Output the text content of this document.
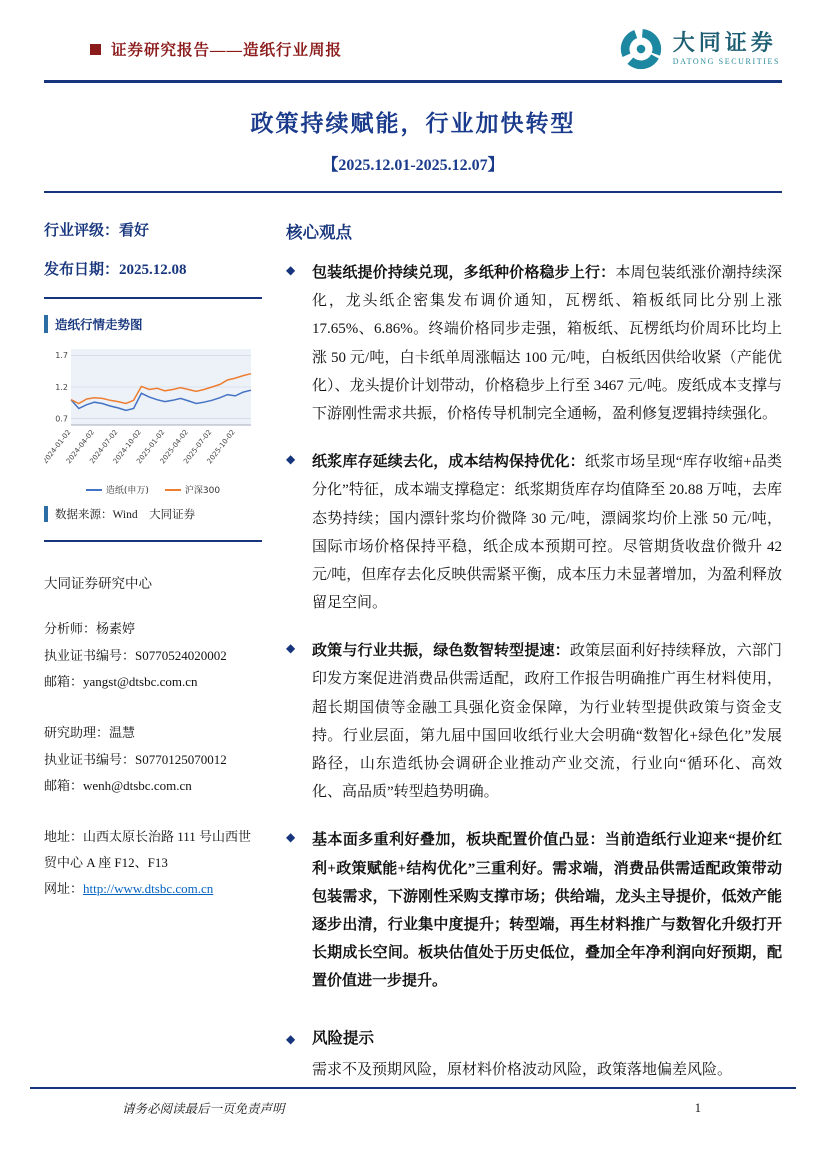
证券研究报告——造纸行业周报	大同证券
DATONG SECURITIES
政策持续赋能，行业加快转型
【2025.12.01-2025.12.07】
行业评级：看好
发布日期：2025.12.08
造纸行情走势图
0.7
1.2
1.7
2024-01-02
2024-04-02
2024-07-02
2024-10-02
2025-01-02
2025-04-02
2025-07-02
2025-10-02
造纸(申万)	沪深300
数据来源：Wind　大同证券
大同证券研究中心
分析师：杨素婷
执业证书编号：S0770524020002
邮箱：yangst@dtsbc.com.cn
研究助理：温慧
执业证书编号：S0770125070012
邮箱：wenh@dtsbc.com.cn
地址：山西太原长治路 111 号山西世贸中心 A 座 F12、F13
网址：http://www.dtsbc.com.cn
核心观点
◆	包装纸提价持续兑现，多纸种价格稳步上行：本周包装纸涨价潮持续深化，龙头纸企密集发布调价通知，瓦楞纸、箱板纸同比分别上涨 17.65%、6.86%。终端价格同步走强，箱板纸、瓦楞纸均价周环比均上涨 50 元/吨，白卡纸单周涨幅达 100 元/吨，白板纸因供给收紧（产能优化）、龙头提价计划带动，价格稳步上行至 3467 元/吨。废纸成本支撑与下游刚性需求共振，价格传导机制完全通畅，盈利修复逻辑持续强化。

◆	纸浆库存延续去化，成本结构保持优化：纸浆市场呈现“库存收缩+品类分化”特征，成本端支撑稳定：纸浆期货库存均值降至 20.88 万吨，去库态势持续；国内漂针浆均价微降 30 元/吨，漂阔浆均价上涨 50 元/吨，国际市场价格保持平稳，纸企成本预期可控。尽管期货收盘价微升 42 元/吨，但库存去化反映供需紧平衡，成本压力未显著增加，为盈利释放留足空间。

◆	政策与行业共振，绿色数智转型提速：政策层面利好持续释放，六部门印发方案促进消费品供需适配，政府工作报告明确推广再生材料使用，超长期国债等金融工具强化资金保障，为行业转型提供政策与资金支持。行业层面，第九届中国回收纸行业大会明确“数智化+绿色化”发展路径，山东造纸协会调研企业推动产业交流，行业向“循环化、高效化、高品质”转型趋势明确。

◆	基本面多重利好叠加，板块配置价值凸显：当前造纸行业迎来“提价红利+政策赋能+结构优化”三重利好。需求端，消费品供需适配政策带动包装需求，下游刚性采购支撑市场；供给端，龙头主导提价，低效产能逐步出清，行业集中度提升；转型端，再生材料推广与数智化升级打开长期成长空间。板块估值处于历史低位，叠加全年净利润向好预期，配置价值进一步提升。

◆	风险提示

需求不及预期风险，原材料价格波动风险，政策落地偏差风险。

请务必阅读最后一页免责声明	1
